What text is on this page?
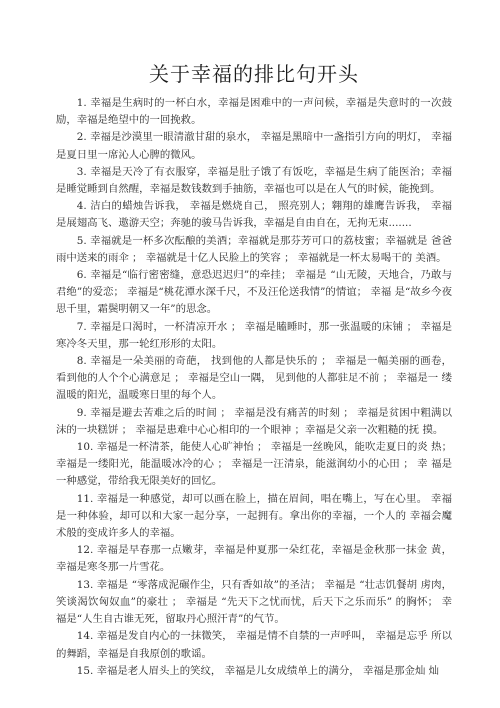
关于幸福的排比句开头

1. 幸福是生病时的一杯白水，幸福是困难中的一声问候，幸福是失意时的一次鼓励，幸福是绝望中的一回挽救。

2. 幸福是沙漠里一眼清澈甘甜的泉水， 幸福是黑暗中一盏指引方向的明灯， 幸福是夏日里一席沁人心脾的微风。

3. 幸福是天冷了有衣服穿，幸福是肚子饿了有饭吃，幸福是生病了能医治；幸福是睡觉睡到自然醒，幸福是数钱数到手抽筋，幸福也可以是在人气的时候，能挽到。

4. 洁白的蜡烛告诉我， 幸福是燃烧自己， 照亮别人；翱翔的雄鹰告诉我， 幸福是展翅高飞、遨游天空；奔驰的骏马告诉我，幸福是自由自在，无拘无束.......

5. 幸福就是一杯多次酝酿的美酒；幸福就是那芬芳可口的荔枝蜜；幸福就是 爸爸雨中送来的雨伞 ； 幸福就是十亿人民脸上的笑容 ； 幸福就是一杯太易喝干的 美酒。

6. 幸福是“临行密密缝，意恐迟迟归”的牵挂； 幸福是 “山无陵，天地合，乃敢与君绝”的爱恋； 幸福是“桃花潭水深千尺，不及汪伦送我情”的情谊； 幸福 是“故乡今夜思千里，霜鬓明朝又一年”的思念。

7. 幸福是口渴时，一杯清凉开水 ； 幸福是瞌睡时，那一张温暖的床铺 ； 幸福是寒冷冬天里，那一轮红形形的太阳。

8. 幸福是一朵美丽的奇葩， 找到他的人都是快乐的 ； 幸福是一幅美丽的画卷，看到他的人个个心满意足 ； 幸福是空山一隅， 见到他的人都驻足不前 ； 幸福是一 缕 温暖的阳光，温暖寒日里的每个人。

9. 幸福是避去苦难之后的时间 ； 幸福是没有痛苦的时刻 ； 幸福是贫困中粗满以沫的一块糕饼 ； 幸福是患难中心心相印的一个眼神 ；幸福是父亲一次粗糙的抚 摸。

10. 幸福是一杯清茶，能使人心旷神怡 ； 幸福是一丝晚风，能吹走夏日的炎 热；幸福是一缕阳光，能温暖冰冷的心 ； 幸福是一汪清泉，能滋润幼小的心田 ； 幸 福是一种感觉，带给我无限美好的回忆。

11. 幸福是一种感觉，却可以画在脸上，描在眉间，唱在嘴上，写在心里。 幸福是一种体验，却可以和大家一起分享，一起拥有。拿出你的幸福，一个人的 幸福会魔术般的变成许多人的幸福。

12. 幸福是早春那一点嫩芽，幸福是仲夏那一朵红花，幸福是金秋那一抹金 黄，幸福是寒冬那一片雪花。

13. 幸福是 “零落成泥碾作尘，只有香如故”的圣洁； 幸福是 “壮志饥餐胡 虏肉，笑谈渴饮匈奴血”的豪壮 ； 幸福是 “先天下之忧而忧，后天下之乐而乐” 的胸怀； 幸福是“人生自古谁无死，留取丹心照汗青”的气节。

14. 幸福是发自内心的一抹微笑， 幸福是情不自禁的一声呼叫， 幸福是忘乎 所以的舞蹈，幸福是自我原创的歌谣。

15. 幸福是老人眉头上的笑纹， 幸福是儿女成绩单上的满分， 幸福是那金灿 灿
